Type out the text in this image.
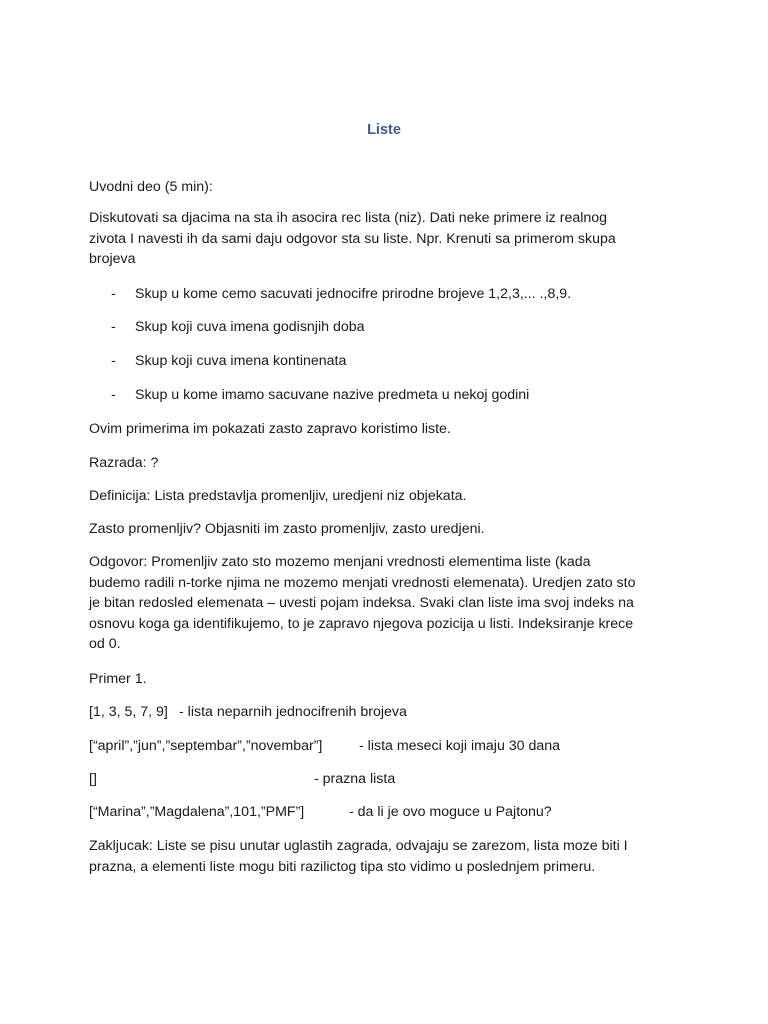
Liste
Uvodni deo (5 min):
Diskutovati sa djacima na sta ih asocira rec lista (niz). Dati neke primere iz realnog
zivota I navesti ih da sami daju odgovor sta su liste. Npr. Krenuti sa primerom skupa
brojeva
- Skup u kome cemo sacuvati jednocifre prirodne brojeve 1,2,3,... .,8,9.
- Skup koji cuva imena godisnjih doba
- Skup koji cuva imena kontinenata
- Skup u kome imamo sacuvane nazive predmeta u nekoj godini
Ovim primerima im pokazati zasto zapravo koristimo liste.
Razrada: ?
Definicija: Lista predstavlja promenljiv, uredjeni niz objekata.
Zasto promenljiv? Objasniti im zasto promenljiv, zasto uredjeni.
Odgovor: Promenljiv zato sto mozemo menjani vrednosti elementima liste (kada
budemo radili n-torke njima ne mozemo menjati vrednosti elemenata). Uredjen zato sto
je bitan redosled elemenata – uvesti pojam indeksa. Svaki clan liste ima svoj indeks na
osnovu koga ga identifikujemo, to je zapravo njegova pozicija u listi. Indeksiranje krece
od 0.
Primer 1.
[1, 3, 5, 7, 9] - lista neparnih jednocifrenih brojeva
[“april”,”jun”,”septembar”,”novembar”]	- lista meseci koji imaju 30 dana
[]	- prazna lista
[“Marina”,”Magdalena”,101,”PMF”]	- da li je ovo moguce u Pajtonu?
Zakljucak: Liste se pisu unutar uglastih zagrada, odvajaju se zarezom, lista moze biti I
prazna, a elementi liste mogu biti razilictog tipa sto vidimo u poslednjem primeru.
